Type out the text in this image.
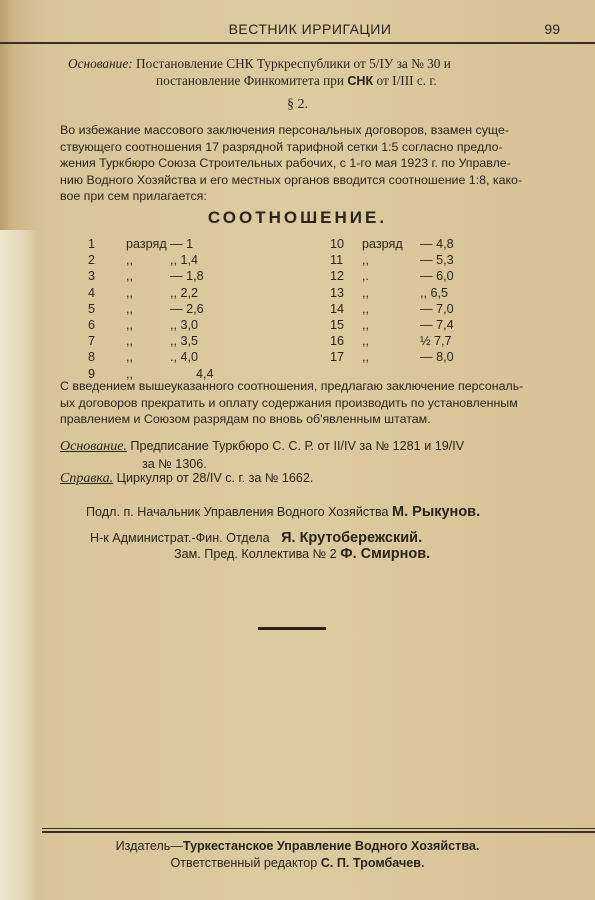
ВЕСТНИК ИРРИГАЦИИ	99
Основание: Постановление СНК Туркреспублики от 5/IУ за № 30 и
постановление Финкомитета при СНК от I/III с. г.
§ 2.

Во избежание массового заключения персональных договоров, взамен суще-

ствующего соотношения 17 разрядной тарифной сетки 1:5 согласно предло-

жения Туркбюро Союза Строительных рабочих, с 1-го мая 1923 г. по Управле-

нию Водного Хозяйства и его местных органов вводится соотношение 1:8, како-

вое при сем прилагается:

СООТНОШЕНИЕ.
1	разряд — 1
2	,,	,, 1,4
3	,,	— 1,8
4	,,	,, 2,2
5	,,	— 2,6
6	,,	,, 3,0
7	,,	,, 3,5
8	,,	., 4,0
9	,,	4,4
10	разряд	— 4,8
11	,,	— 5,3
12	,.	— 6,0
13	,,	,, 6,5
14	,,	— 7,0
15	,,	— 7,4
16	,,	½ 7,7
17	,,	— 8,0

С введением вышеуказанного соотношения, предлагаю заключение персональ-

ых договоров прекратить и оплату содержания производить по установленным

правлением и Союзом разрядам по вновь об'явленным штатам.

Основание. Предписание Туркбюро С. С. Р. от II/IV за № 1281 и 19/IV
за № 1306.
Справка. Циркуляр от 28/IV с. г. за № 1662.
Подл. п. Начальник Управления Водного Хозяйства М. Рыкунов.
Н-к Администрат.-Фин. Отдела Я. Крутобережский.
Зам. Пред. Коллектива № 2 Ф. Смирнов.
Издатель—Туркестанское Управление Водного Хозяйства.
Ответственный редактор С. П. Тромбачев.
